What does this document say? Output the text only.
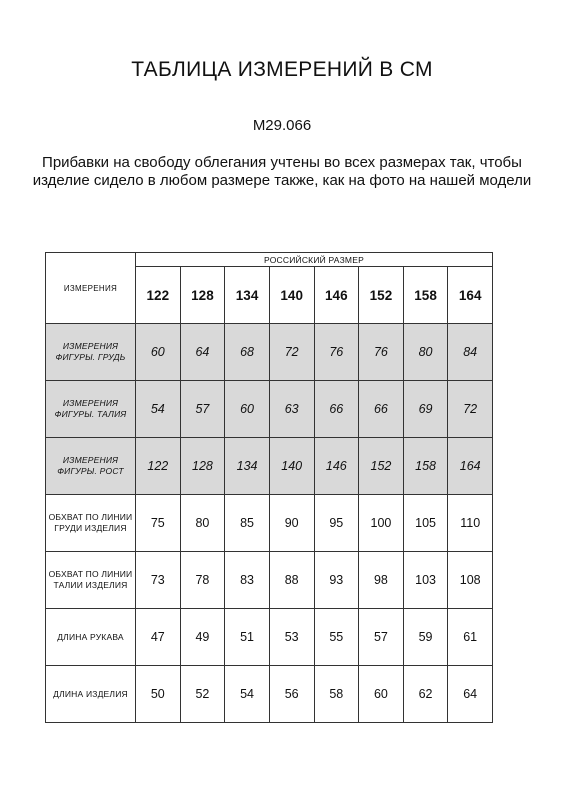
ТАБЛИЦА ИЗМЕРЕНИЙ В СМ
М29.066
Прибавки на свободу облегания учтены во всех размерах так, чтобы изделие сидело в любом размере также, как на фото на нашей модели
ИЗМЕРЕНИЯ	РОССИЙСКИЙ РАЗМЕР							
	122	128	134	140	146	152	158	164
ИЗМЕРЕНИЯ ФИГУРЫ. ГРУДЬ	60	64	68	72	76	76	80	84
ИЗМЕРЕНИЯ ФИГУРЫ. ТАЛИЯ	54	57	60	63	66	66	69	72
ИЗМЕРЕНИЯ ФИГУРЫ. РОСТ	122	128	134	140	146	152	158	164
ОБХВАТ ПО ЛИНИИ ГРУДИ ИЗДЕЛИЯ	75	80	85	90	95	100	105	110
ОБХВАТ ПО ЛИНИИ ТАЛИИ ИЗДЕЛИЯ	73	78	83	88	93	98	103	108
ДЛИНА РУКАВА	47	49	51	53	55	57	59	61
ДЛИНА ИЗДЕЛИЯ	50	52	54	56	58	60	62	64
